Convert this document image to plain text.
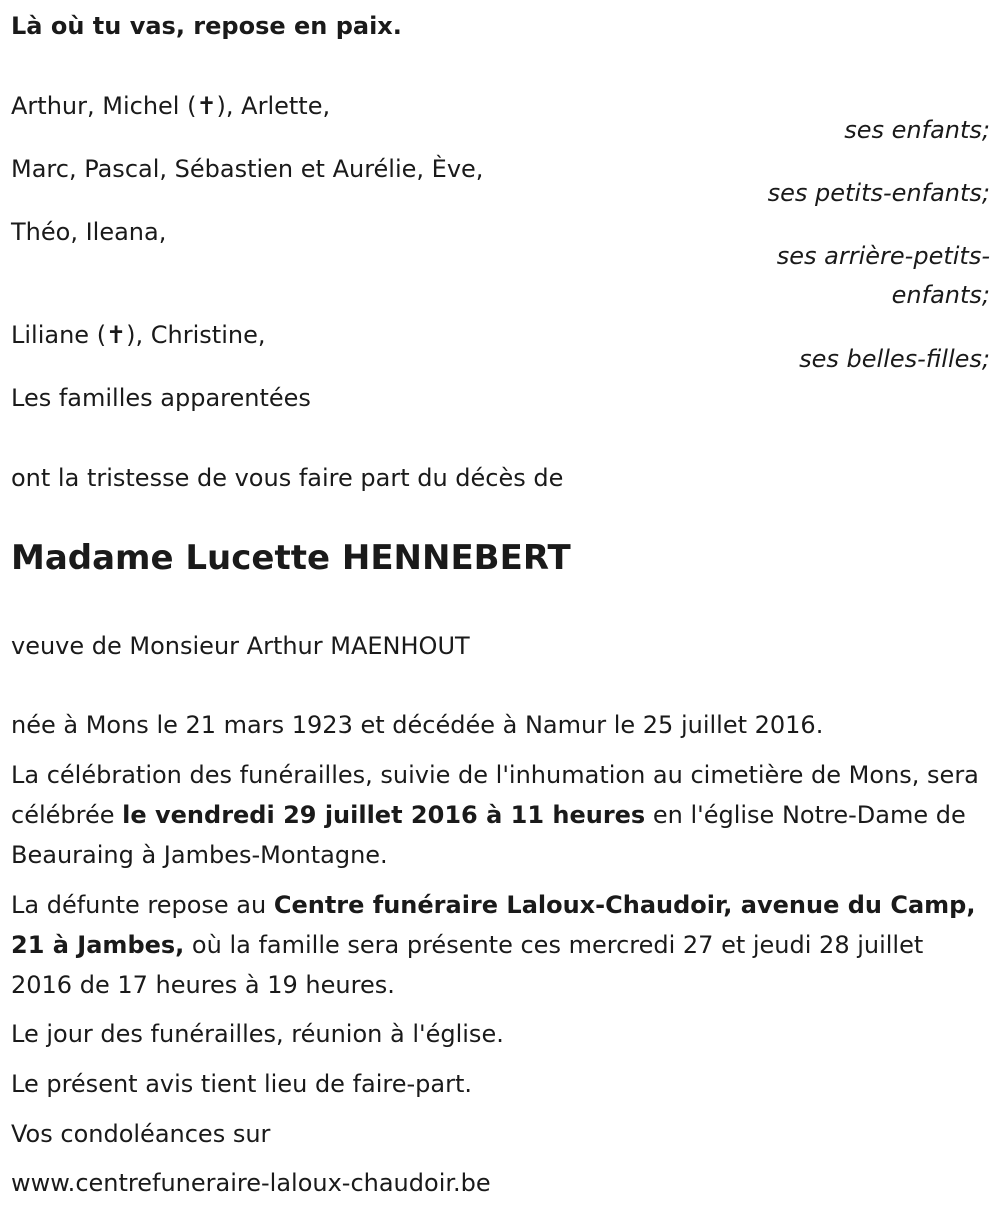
Là où tu vas, repose en paix.
Arthur, Michel (✝), Arlette,
ses enfants;
Marc, Pascal, Sébastien et Aurélie, Ève,
ses petits-enfants;
Théo, Ileana,
ses arrière-petits-
enfants;
Liliane (✝), Christine,
ses belles-filles;
Les familles apparentées
ont la tristesse de vous faire part du décès de
Madame Lucette HENNEBERT
veuve de Monsieur Arthur MAENHOUT
née à Mons le 21 mars 1923 et décédée à Namur le 25 juillet 2016.
La célébration des funérailles, suivie de l'inhumation au cimetière de Mons, sera célébrée le vendredi 29 juillet 2016 à 11 heures en l'église Notre-Dame de Beauraing à Jambes-Montagne.
La défunte repose au Centre funéraire Laloux-Chaudoir, avenue du Camp, 21 à Jambes, où la famille sera présente ces mercredi 27 et jeudi 28 juillet 2016 de 17 heures à 19 heures.
Le jour des funérailles, réunion à l'église.
Le présent avis tient lieu de faire-part.
Vos condoléances sur
www.centrefuneraire-laloux-chaudoir.be
